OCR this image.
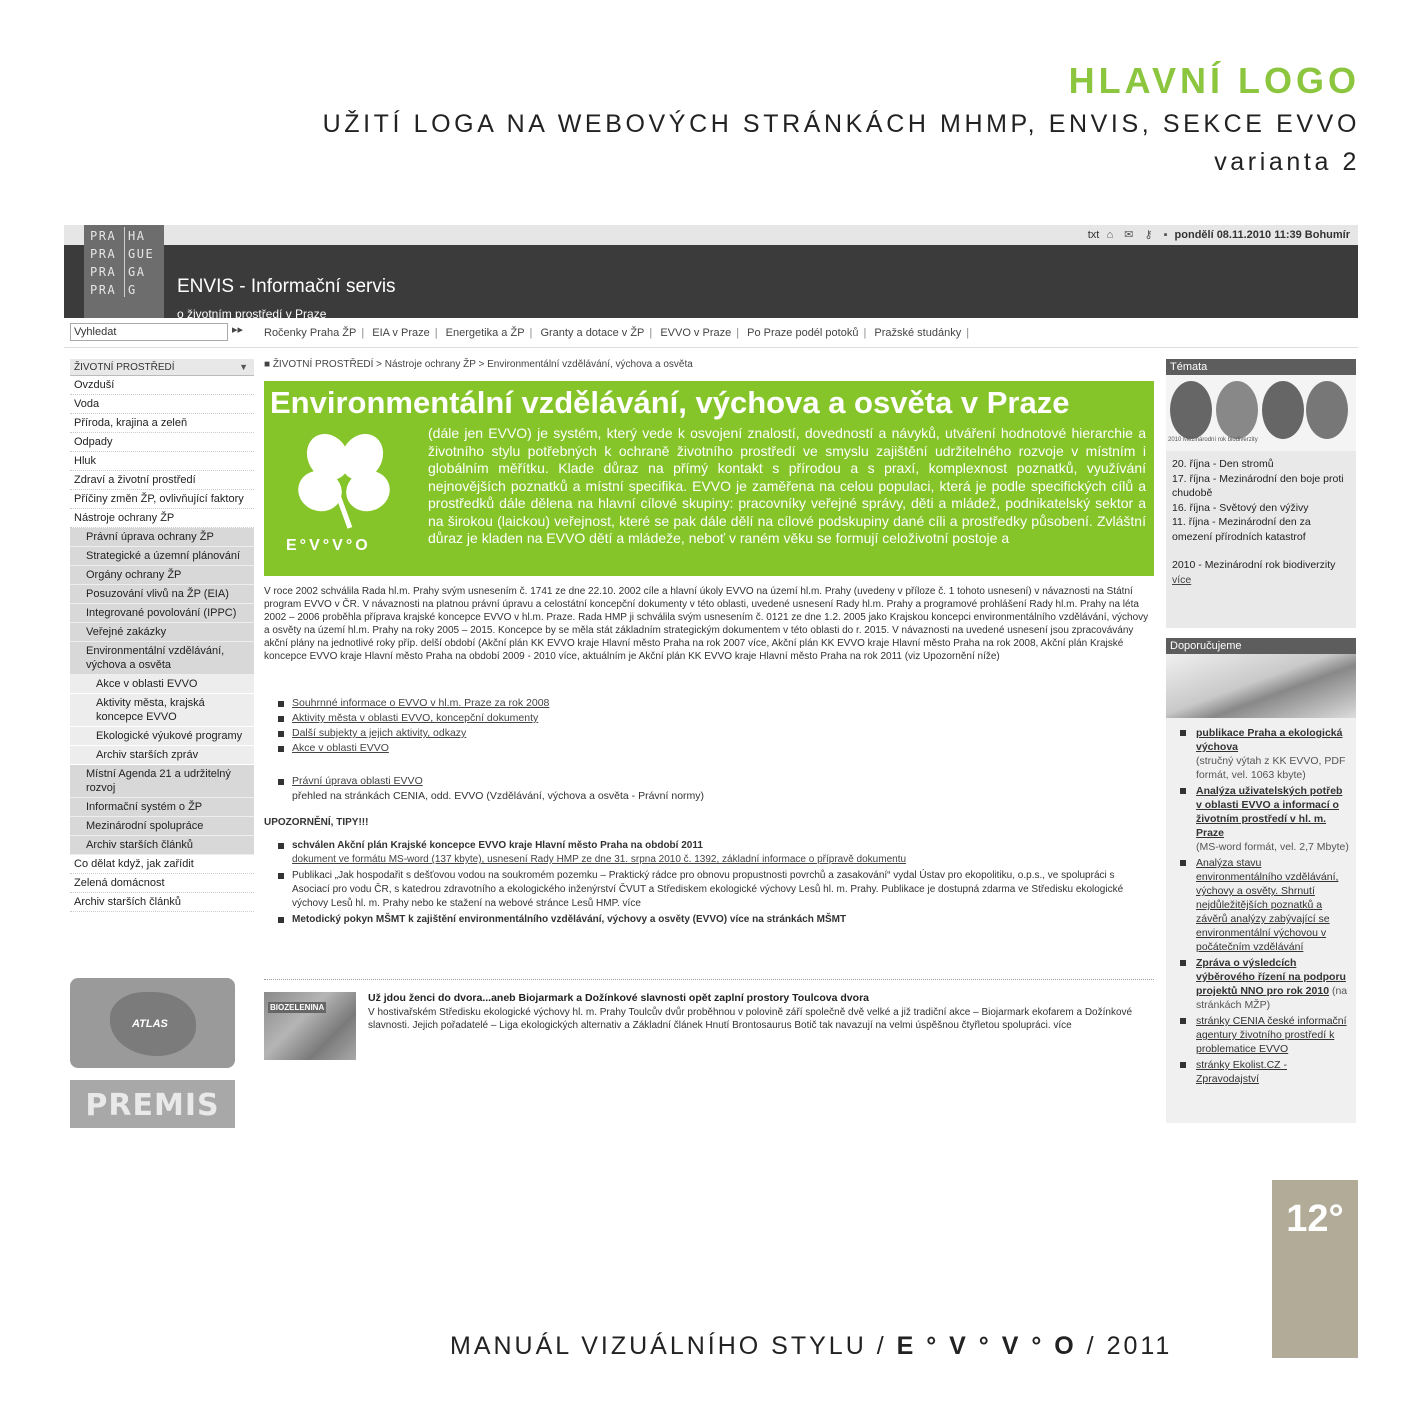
HLAVNÍ LOGO
UŽITÍ LOGA NA WEBOVÝCH STRÁNKÁCH MHMP, ENVIS, SEKCE EVVO
varianta 2
txt ⌂ ✉ ⚷ ▪ pondělí 08.11.2010 11:39 Bohumír
ENVIS - Informační servis
o životním prostředí v Praze
PRA HA
PRA GUE
PRA GA
PRA G
Vyhledat
▸▸ Ročenky Praha ŽP | EIA v Praze | Energetika a ŽP | Granty a dotace v ŽP | EVVO v Praze | Po Praze podél potoků | Pražské studánky |
ŽIVOTNÍ PROSTŘEDÍ	▼
Ovzduší
Voda
Příroda, krajina a zeleň
Odpady
Hluk
Zdraví a životní prostředí
Příčiny změn ŽP, ovlivňující faktory
Nástroje ochrany ŽP
Právní úprava ochrany ŽP
Strategické a územní plánování
Orgány ochrany ŽP
Posuzování vlivů na ŽP (EIA)
Integrované povolování (IPPC)
Veřejné zakázky
Environmentální vzdělávání, výchova a osvěta
Akce v oblasti EVVO
Aktivity města, krajská koncepce EVVO
Ekologické výukové programy
Archiv starších zpráv
Místní Agenda 21 a udržitelný rozvoj
Informační systém o ŽP
Mezinárodní spolupráce
Archiv starších článků
Co dělat když, jak zařídit
Zelená domácnost
Archiv starších článků
ATLAS
PREMIS
■ ŽIVOTNÍ PROSTŘEDÍ > Nástroje ochrany ŽP > Environmentální vzdělávání, výchova a osvěta
Environmentální vzdělávání, výchova a osvěta v Praze
E°V°V°O
(dále jen EVVO) je systém, který vede k osvojení znalostí, dovedností a návyků, utváření hodnotové hierarchie a životního stylu potřebných k ochraně životního prostředí ve smyslu zajištění udržitelného rozvoje v místním i globálním měřítku. Klade důraz na přímý kontakt s přírodou a s praxí, komplexnost poznatků, využívání nejnovějších poznatků a místní specifika. EVVO je zaměřena na celou populaci, která je podle specifických cílů a prostředků dále dělena na hlavní cílové skupiny: pracovníky veřejné správy, děti a mládež, podnikatelský sektor a na širokou (laickou) veřejnost, které se pak dále dělí na cílové podskupiny dané cíli a prostředky působení. Zvláštní důraz je kladen na EVVO dětí a mládeže, neboť v raném věku se formují celoživotní postoje a
V roce 2002 schválila Rada hl.m. Prahy svým usnesením č. 1741 ze dne 22.10. 2002 cíle a hlavní úkoly EVVO na území hl.m. Prahy (uvedeny v příloze č. 1 tohoto usnesení) v návaznosti na Státní program EVVO v ČR. V návaznosti na platnou právní úpravu a celostátní koncepční dokumenty v této oblasti, uvedené usnesení Rady hl.m. Prahy a programové prohlášení Rady hl.m. Prahy na léta 2002 – 2006 proběhla příprava krajské koncepce EVVO v hl.m. Praze. Rada HMP ji schválila svým usnesením č. 0121 ze dne 1.2. 2005 jako Krajskou koncepci environmentálního vzdělávání, výchovy a osvěty na území hl.m. Prahy na roky 2005 – 2015. Koncepce by se měla stát základním strategickým dokumentem v této oblasti do r. 2015. V návaznosti na uvedené usnesení jsou zpracovávány akční plány na jednotlivé roky příp. delší období (Akční plán KK EVVO kraje Hlavní město Praha na rok 2007 více, Akční plán KK EVVO kraje Hlavní město Praha na rok 2008, Akční plán Krajské koncepce EVVO kraje Hlavní město Praha na období 2009 - 2010 více, aktuálním je Akční plán KK EVVO kraje Hlavní město Praha na rok 2011 (viz Upozornění níže)
Souhrnné informace o EVVO v hl.m. Praze za rok 2008
Aktivity města v oblasti EVVO, koncepční dokumenty
Další subjekty a jejich aktivity, odkazy
Akce v oblasti EVVO
Právní úprava oblasti EVVO
přehled na stránkách CENIA, odd. EVVO (Vzdělávání, výchova a osvěta - Právní normy)
UPOZORNĚNÍ, TIPY!!!
schválen Akční plán Krajské koncepce EVVO kraje Hlavní město Praha na období 2011
dokument ve formátu MS-word (137 kbyte), usnesení Rady HMP ze dne 31. srpna 2010 č. 1392, základní informace o přípravě dokumentu
Publikaci „Jak hospodařit s dešťovou vodou na soukromém pozemku – Praktický rádce pro obnovu propustnosti povrchů a zasakování“ vydal Ústav pro ekopolitiku, o.p.s., ve spolupráci s Asociací pro vodu ČR, s katedrou zdravotního a ekologického inženýrství ČVUT a Střediskem ekologické výchovy Lesů hl. m. Prahy. Publikace je dostupná zdarma ve Středisku ekologické výchovy Lesů hl. m. Prahy nebo ke stažení na webové stránce Lesů HMP. více
Metodický pokyn MŠMT k zajištění environmentálního vzdělávání, výchovy a osvěty (EVVO) více na stránkách MŠMT
BIOZELENINA
Už jdou ženci do dvora...aneb Biojarmark a Dožínkové slavnosti opět zaplní prostory Toulcova dvora
V hostivařském Středisku ekologické výchovy hl. m. Prahy Toulcův dvůr proběhnou v polovině září společně dvě velké a již tradiční akce – Biojarmark ekofarem a Dožínkové slavnosti. Jejich pořadatelé – Liga ekologických alternativ a Základní článek Hnutí Brontosaurus Botič tak navazují na velmi úspěšnou čtyřletou spolupráci. více
Témata
2010 Mezinárodní rok biodiverzity
20. října - Den stromů
17. října - Mezinárodní den boje proti chudobě
16. října - Světový den výživy
11. října - Mezinárodní den za omezení přírodních katastrof
2010 - Mezinárodní rok biodiverzity
více
Doporučujeme
publikace Praha a ekologická výchova
(stručný výtah z KK EVVO, PDF formát, vel. 1063 kbyte)
Analýza uživatelských potřeb v oblasti EVVO a informací o životním prostředí v hl. m. Praze
(MS-word formát, vel. 2,7 Mbyte)
Analýza stavu environmentálního vzdělávání, výchovy a osvěty. Shrnutí nejdůležitějších poznatků a závěrů analýzy zabývající se environmentální výchovou v počátečním vzdělávání
Zpráva o výsledcích výběrového řízení na podporu projektů NNO pro rok 2010 (na stránkách MŽP)
stránky CENIA české informační agentury životního prostředí k problematice EVVO
stránky Ekolist.CZ - Zpravodajství
12°
MANUÁL VIZUÁLNÍHO STYLU / E ° V ° V ° O / 2011
